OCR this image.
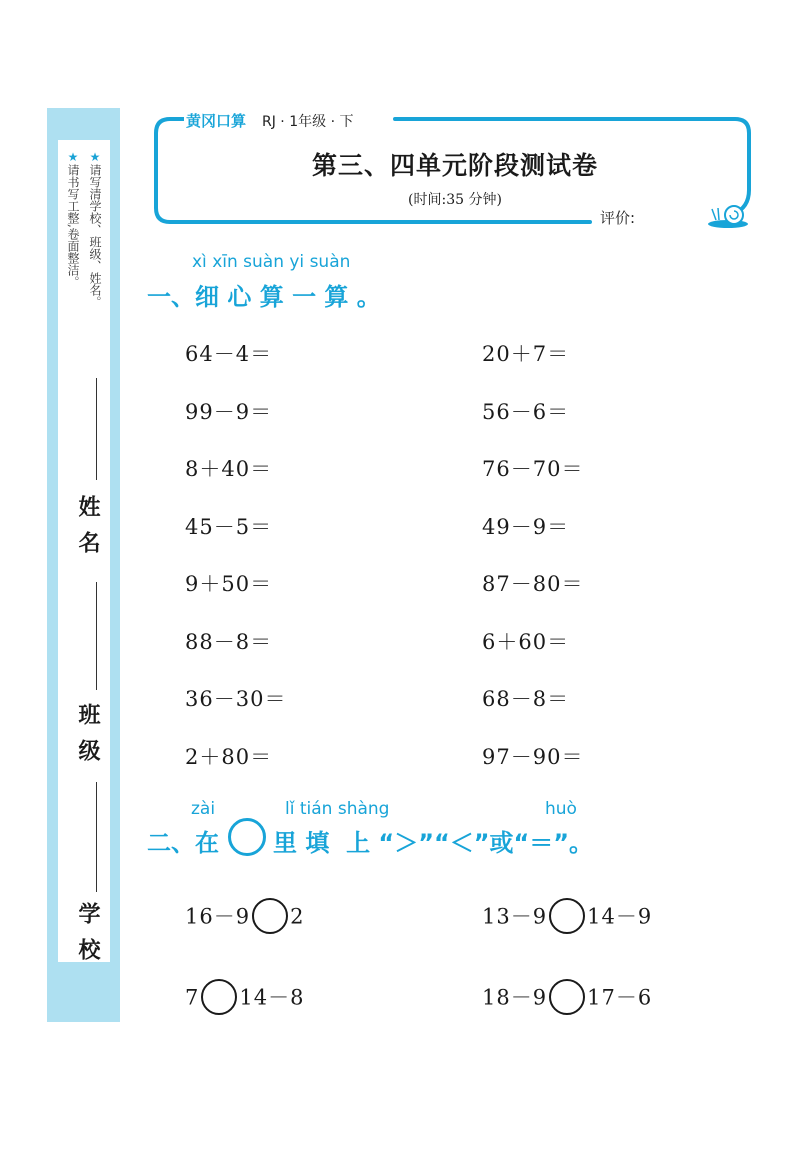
★请写清学校、班级、姓名。
★请书写工整,卷面整洁。
姓名
班级
学校
黄冈口算 RJ · 1年级 · 下
第三、四单元阶段测试卷
(时间:35 分钟)
评价:
xì xīn suàn yi suàn
一、细 心 算 一 算 。
64－4＝	20＋7＝
99－9＝	56－6＝
8＋40＝	76－70＝
45－5＝	49－9＝
9＋50＝	87－80＝
88－8＝	6＋60＝
36－30＝	68－8＝
2＋80＝	97－90＝
zài	lǐ tián shàng	huò
二、在 里 填  上 “＞”“＜”或“＝”。
16－9 2	13－9 14－9
7 14－8	18－9 17－6
